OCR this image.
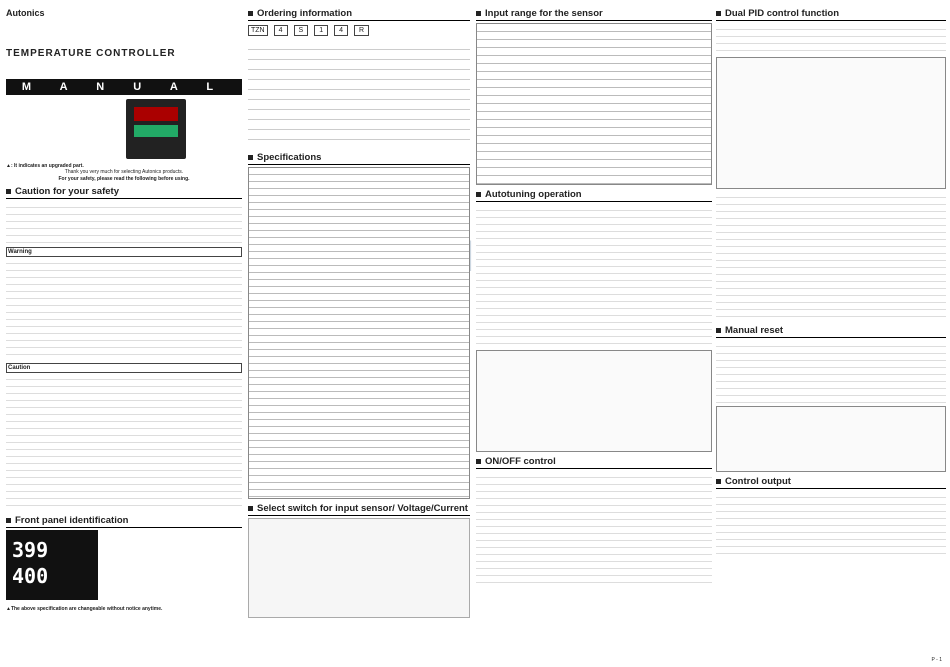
Autonics
TEMPERATURE CONTROLLER
M A N U A L
▲: It indicates an upgraded part.
Thank you very much for selecting Autonics products.
For your safety, please read the following before using.
Caution for your safety
Warning
Caution
Front panel identification
399
400
▲The above specification are changeable without notice anytime.
Ordering information
TZN	4	S	1	4	R
Specifications
Select switch for input sensor/ Voltage/Current
Input range for the sensor
Autotuning operation
ON/OFF control
Dual PID control function
Manual reset
Control output
P - 1
